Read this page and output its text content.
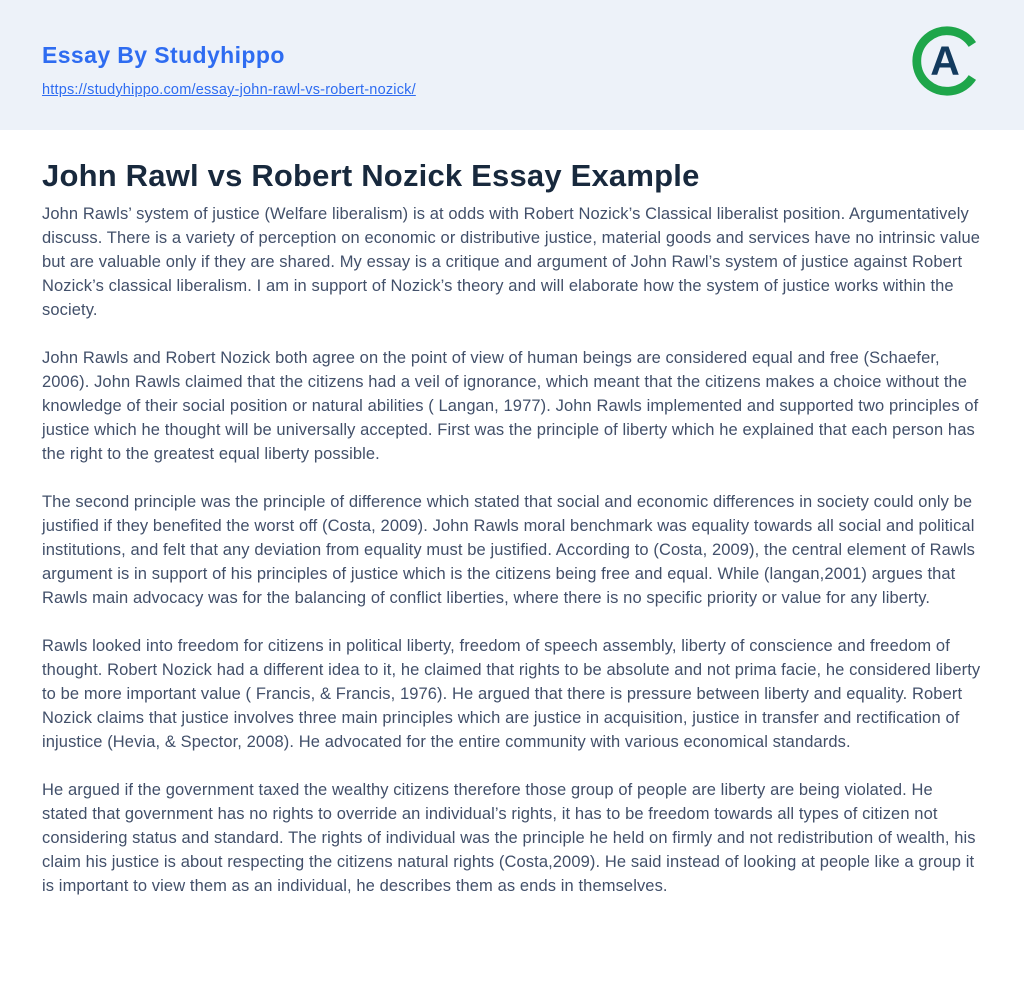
Essay By Studyhippo
https://studyhippo.com/essay-john-rawl-vs-robert-nozick/
A
John Rawl vs Robert Nozick Essay Example

John Rawls’ system of justice (Welfare liberalism) is at odds with Robert Nozick’s Classical liberalist position. Argumentatively discuss. There is a variety of perception on economic or distributive justice, material goods and services have no intrinsic value but are valuable only if they are shared. My essay is a critique and argument of John Rawl’s system of justice against Robert Nozick’s classical liberalism. I am in support of Nozick’s theory and will elaborate how the system of justice works within the society.

John Rawls and Robert Nozick both agree on the point of view of human beings are considered equal and free (Schaefer, 2006). John Rawls claimed that the citizens had a veil of ignorance, which meant that the citizens makes a choice without the knowledge of their social position or natural abilities ( Langan, 1977). John Rawls implemented and supported two principles of justice which he thought will be universally accepted. First was the principle of liberty which he explained that each person has the right to the greatest equal liberty possible.

The second principle was the principle of difference which stated that social and economic differences in society could only be justified if they benefited the worst off (Costa, 2009). John Rawls moral benchmark was equality towards all social and political institutions, and felt that any deviation from equality must be justified. According to (Costa, 2009), the central element of Rawls argument is in support of his principles of justice which is the citizens being free and equal. While (langan,2001) argues that Rawls main advocacy was for the balancing of conflict liberties, where there is no specific priority or value for any liberty.

Rawls looked into freedom for citizens in political liberty, freedom of speech assembly, liberty of conscience and freedom of thought. Robert Nozick had a different idea to it, he claimed that rights to be absolute and not prima facie, he considered liberty to be more important value ( Francis, & Francis, 1976). He argued that there is pressure between liberty and equality. Robert Nozick claims that justice involves three main principles which are justice in acquisition, justice in transfer and rectification of injustice (Hevia, & Spector, 2008). He advocated for the entire community with various economical standards.

He argued if the government taxed the wealthy citizens therefore those group of people are liberty are being violated. He stated that government has no rights to override an individual’s rights, it has to be freedom towards all types of citizen not considering status and standard. The rights of individual was the principle he held on firmly and not redistribution of wealth, his claim his justice is about respecting the citizens natural rights (Costa,2009). He said instead of looking at people like a group it is important to view them as an individual, he describes them as ends in themselves.
